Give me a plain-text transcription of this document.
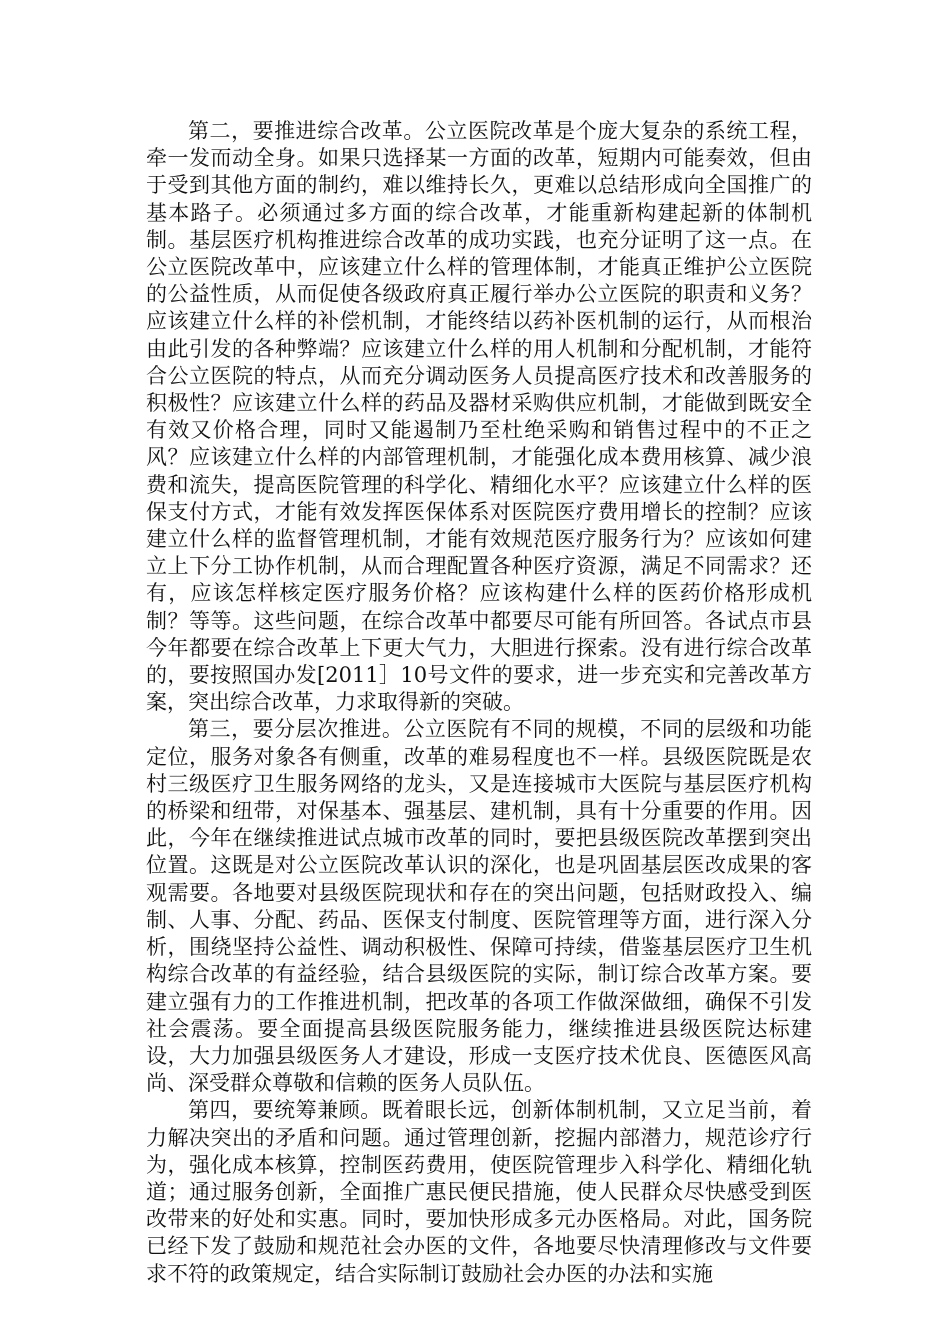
第二，要推进综合改革。公立医院改革是个庞大复杂的系统工程，牵一发而动全身。如果只选择某一方面的改革，短期内可能奏效，但由于受到其他方面的制约，难以维持长久，更难以总结形成向全国推广的基本路子。必须通过多方面的综合改革，才能重新构建起新的体制机制。基层医疗机构推进综合改革的成功实践，也充分证明了这一点。在公立医院改革中，应该建立什么样的管理体制，才能真正维护公立医院的公益性质，从而促使各级政府真正履行举办公立医院的职责和义务？应该建立什么样的补偿机制，才能终结以药补医机制的运行，从而根治由此引发的各种弊端？应该建立什么样的用人机制和分配机制，才能符合公立医院的特点，从而充分调动医务人员提高医疗技术和改善服务的积极性？应该建立什么样的药品及器材采购供应机制，才能做到既安全有效又价格合理，同时又能遏制乃至杜绝采购和销售过程中的不正之风？应该建立什么样的内部管理机制，才能强化成本费用核算、减少浪费和流失，提高医院管理的科学化、精细化水平？应该建立什么样的医保支付方式，才能有效发挥医保体系对医院医疗费用增长的控制？应该建立什么样的监督管理机制，才能有效规范医疗服务行为？应该如何建立上下分工协作机制，从而合理配置各种医疗资源，满足不同需求？还有，应该怎样核定医疗服务价格？应该构建什么样的医药价格形成机制？等等。这些问题，在综合改革中都要尽可能有所回答。各试点市县今年都要在综合改革上下更大气力，大胆进行探索。没有进行综合改革的，要按照国办发[2011］10号文件的要求，进一步充实和完善改革方案，突出综合改革，力求取得新的突破。

第三，要分层次推进。公立医院有不同的规模，不同的层级和功能定位，服务对象各有侧重，改革的难易程度也不一样。县级医院既是农村三级医疗卫生服务网络的龙头，又是连接城市大医院与基层医疗机构的桥梁和纽带，对保基本、强基层、建机制，具有十分重要的作用。因此，今年在继续推进试点城市改革的同时，要把县级医院改革摆到突出位置。这既是对公立医院改革认识的深化，也是巩固基层医改成果的客观需要。各地要对县级医院现状和存在的突出问题，包括财政投入、编制、人事、分配、药品、医保支付制度、医院管理等方面，进行深入分析，围绕坚持公益性、调动积极性、保障可持续，借鉴基层医疗卫生机构综合改革的有益经验，结合县级医院的实际，制订综合改革方案。要建立强有力的工作推进机制，把改革的各项工作做深做细，确保不引发社会震荡。要全面提高县级医院服务能力，继续推进县级医院达标建设，大力加强县级医务人才建设，形成一支医疗技术优良、医德医风高尚、深受群众尊敬和信赖的医务人员队伍。

第四，要统筹兼顾。既着眼长远，创新体制机制，又立足当前，着力解决突出的矛盾和问题。通过管理创新，挖掘内部潜力，规范诊疗行为，强化成本核算，控制医药费用，使医院管理步入科学化、精细化轨道；通过服务创新，全面推广惠民便民措施，使人民群众尽快感受到医改带来的好处和实惠。同时，要加快形成多元办医格局。对此，国务院已经下发了鼓励和规范社会办医的文件，各地要尽快清理修改与文件要求不符的政策规定，结合实际制订鼓励社会办医的办法和实施
